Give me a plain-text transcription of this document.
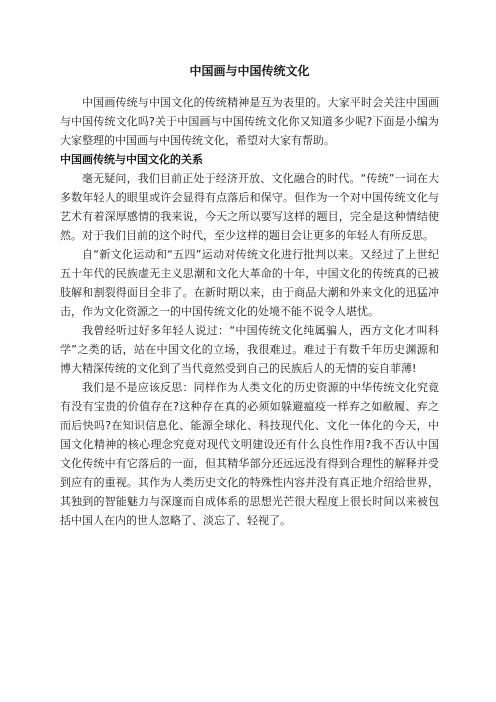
中国画与中国传统文化

中国画传统与中国文化的传统精神是互为表里的。大家平时会关注中国画与中国传统文化吗?关于中国画与中国传统文化你又知道多少呢?下面是小编为大家整理的中国画与中国传统文化，希望对大家有帮助。

中国画传统与中国文化的关系

毫无疑问，我们目前正处于经济开放、文化融合的时代。“传统”一词在大多数年轻人的眼里或许会显得有点落后和保守。但作为一个对中国传统文化与艺术有着深厚感情的我来说，今天之所以要写这样的题目，完全是这种情结使然。对于我们目前的这个时代，至少这样的题目会让更多的年轻人有所反思。

自“新文化运动和“五四”运动对传统文化进行批判以来。又经过了上世纪五十年代的民族虚无主义思潮和文化大革命的十年，中国文化的传统真的已被肢解和割裂得面目全非了。在新时期以来，由于商品大潮和外来文化的迅猛冲击，作为文化资源之一的中国传统文化的处境不能不说令人堪忧。

我曾经听过好多年轻人说过：“中国传统文化纯属骗人，西方文化才叫科学”之类的话，站在中国文化的立场，我很难过。难过于有数千年历史渊源和博大精深传统的文化到了当代竟然受到自己的民族后人的无情的妄自菲薄!

我们是不是应该反思：同样作为人类文化的历史资源的中华传统文化究竟有没有宝贵的价值存在?这种存在真的必须如躲避瘟疫一样弃之如敝履、弃之而后快吗?在知识信息化、能源全球化、科技现代化、文化一体化的今天，中国文化精神的核心理念究竟对现代文明建设还有什么良性作用?我不否认中国文化传统中有它落后的一面，但其精华部分还远远没有得到合理性的解释并受到应有的重视。其作为人类历史文化的特殊性内容并没有真正地介绍给世界，其独到的智能魅力与深邃而自成体系的思想光芒很大程度上很长时间以来被包括中国人在内的世人忽略了、淡忘了、轻视了。
